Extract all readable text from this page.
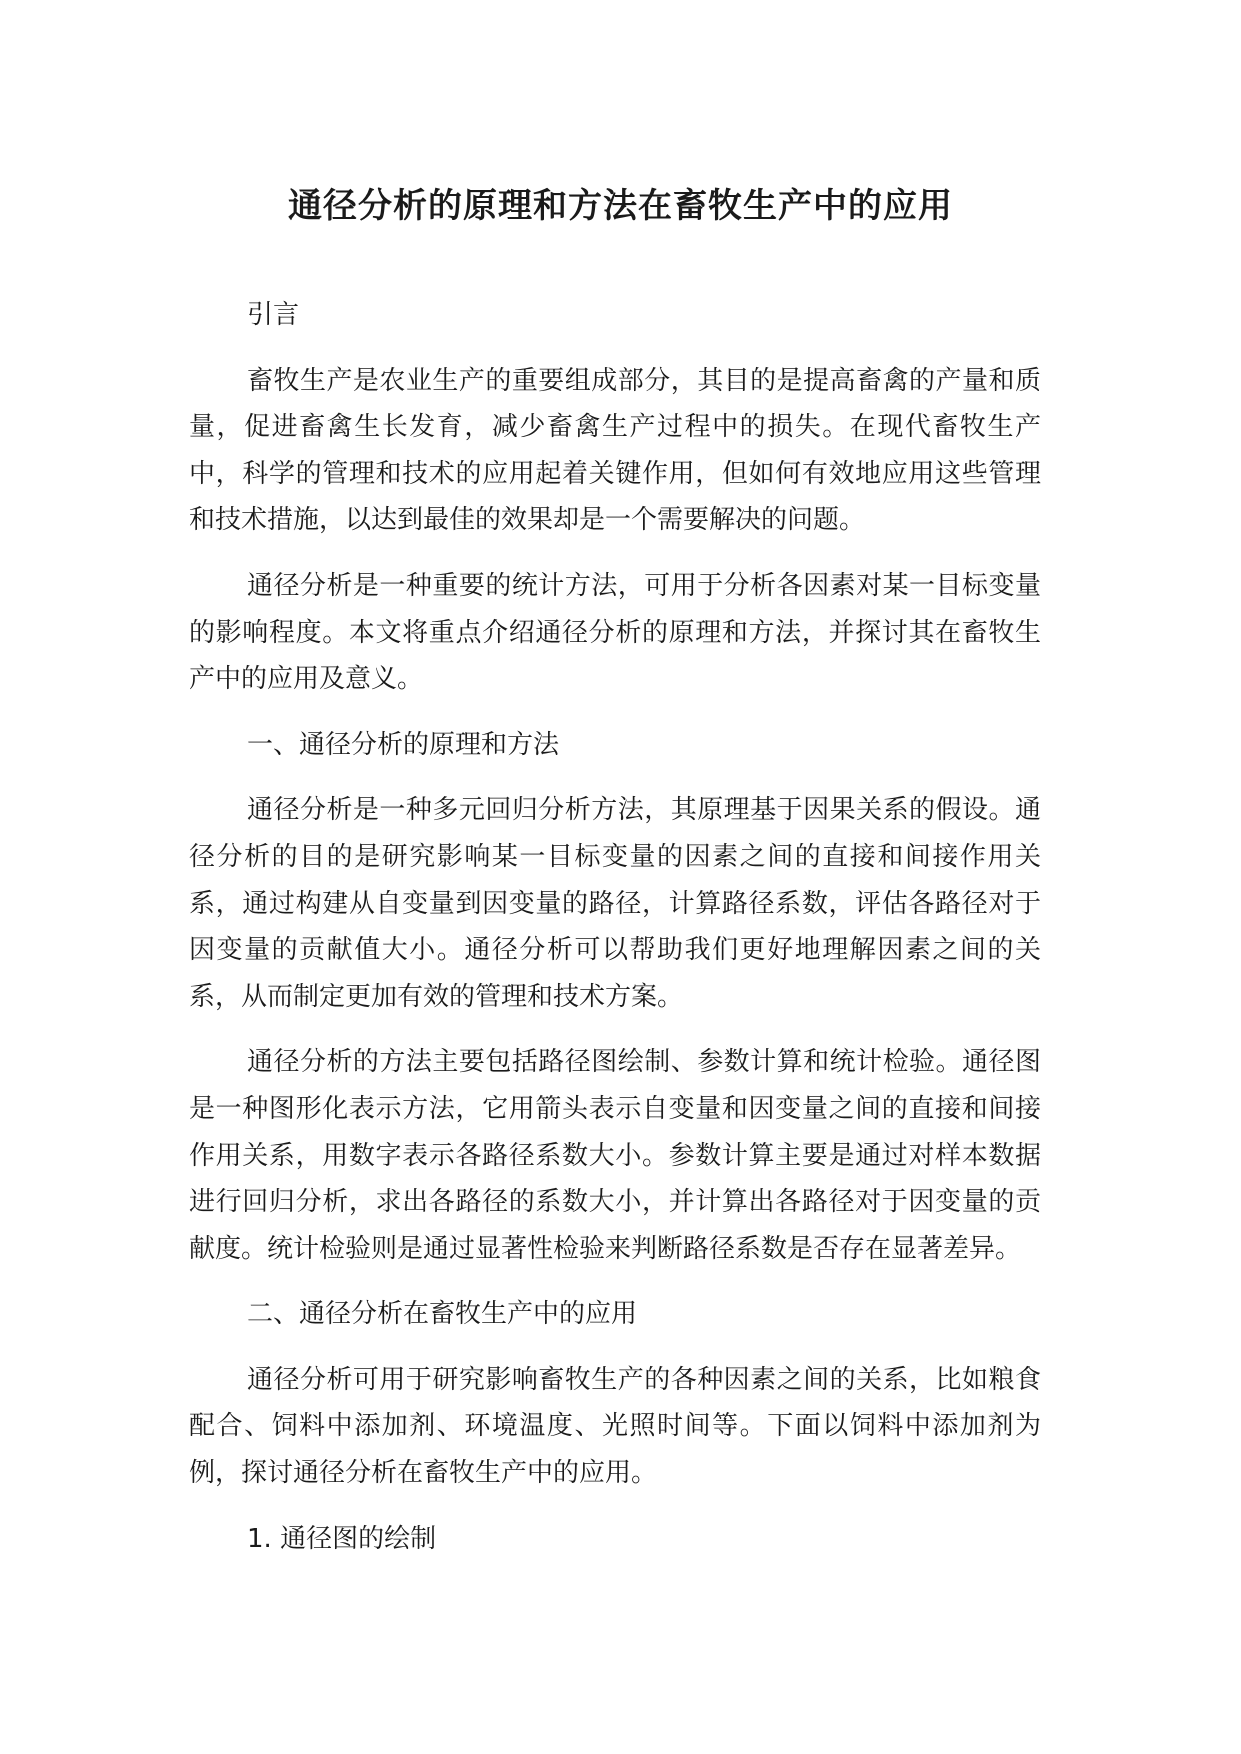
通径分析的原理和方法在畜牧生产中的应用

引言

畜牧生产是农业生产的重要组成部分，其目的是提高畜禽的产量和质量，促进畜禽生长发育，减少畜禽生产过程中的损失。在现代畜牧生产中，科学的管理和技术的应用起着关键作用，但如何有效地应用这些管理和技术措施，以达到最佳的效果却是一个需要解决的问题。

通径分析是一种重要的统计方法，可用于分析各因素对某一目标变量的影响程度。本文将重点介绍通径分析的原理和方法，并探讨其在畜牧生产中的应用及意义。

一、通径分析的原理和方法

通径分析是一种多元回归分析方法，其原理基于因果关系的假设。通径分析的目的是研究影响某一目标变量的因素之间的直接和间接作用关系，通过构建从自变量到因变量的路径，计算路径系数，评估各路径对于因变量的贡献值大小。通径分析可以帮助我们更好地理解因素之间的关系，从而制定更加有效的管理和技术方案。

通径分析的方法主要包括路径图绘制、参数计算和统计检验。通径图是一种图形化表示方法，它用箭头表示自变量和因变量之间的直接和间接作用关系，用数字表示各路径系数大小。参数计算主要是通过对样本数据进行回归分析，求出各路径的系数大小，并计算出各路径对于因变量的贡献度。统计检验则是通过显著性检验来判断路径系数是否存在显著差异。

二、通径分析在畜牧生产中的应用

通径分析可用于研究影响畜牧生产的各种因素之间的关系，比如粮食配合、饲料中添加剂、环境温度、光照时间等。下面以饲料中添加剂为例，探讨通径分析在畜牧生产中的应用。

1. 通径图的绘制
